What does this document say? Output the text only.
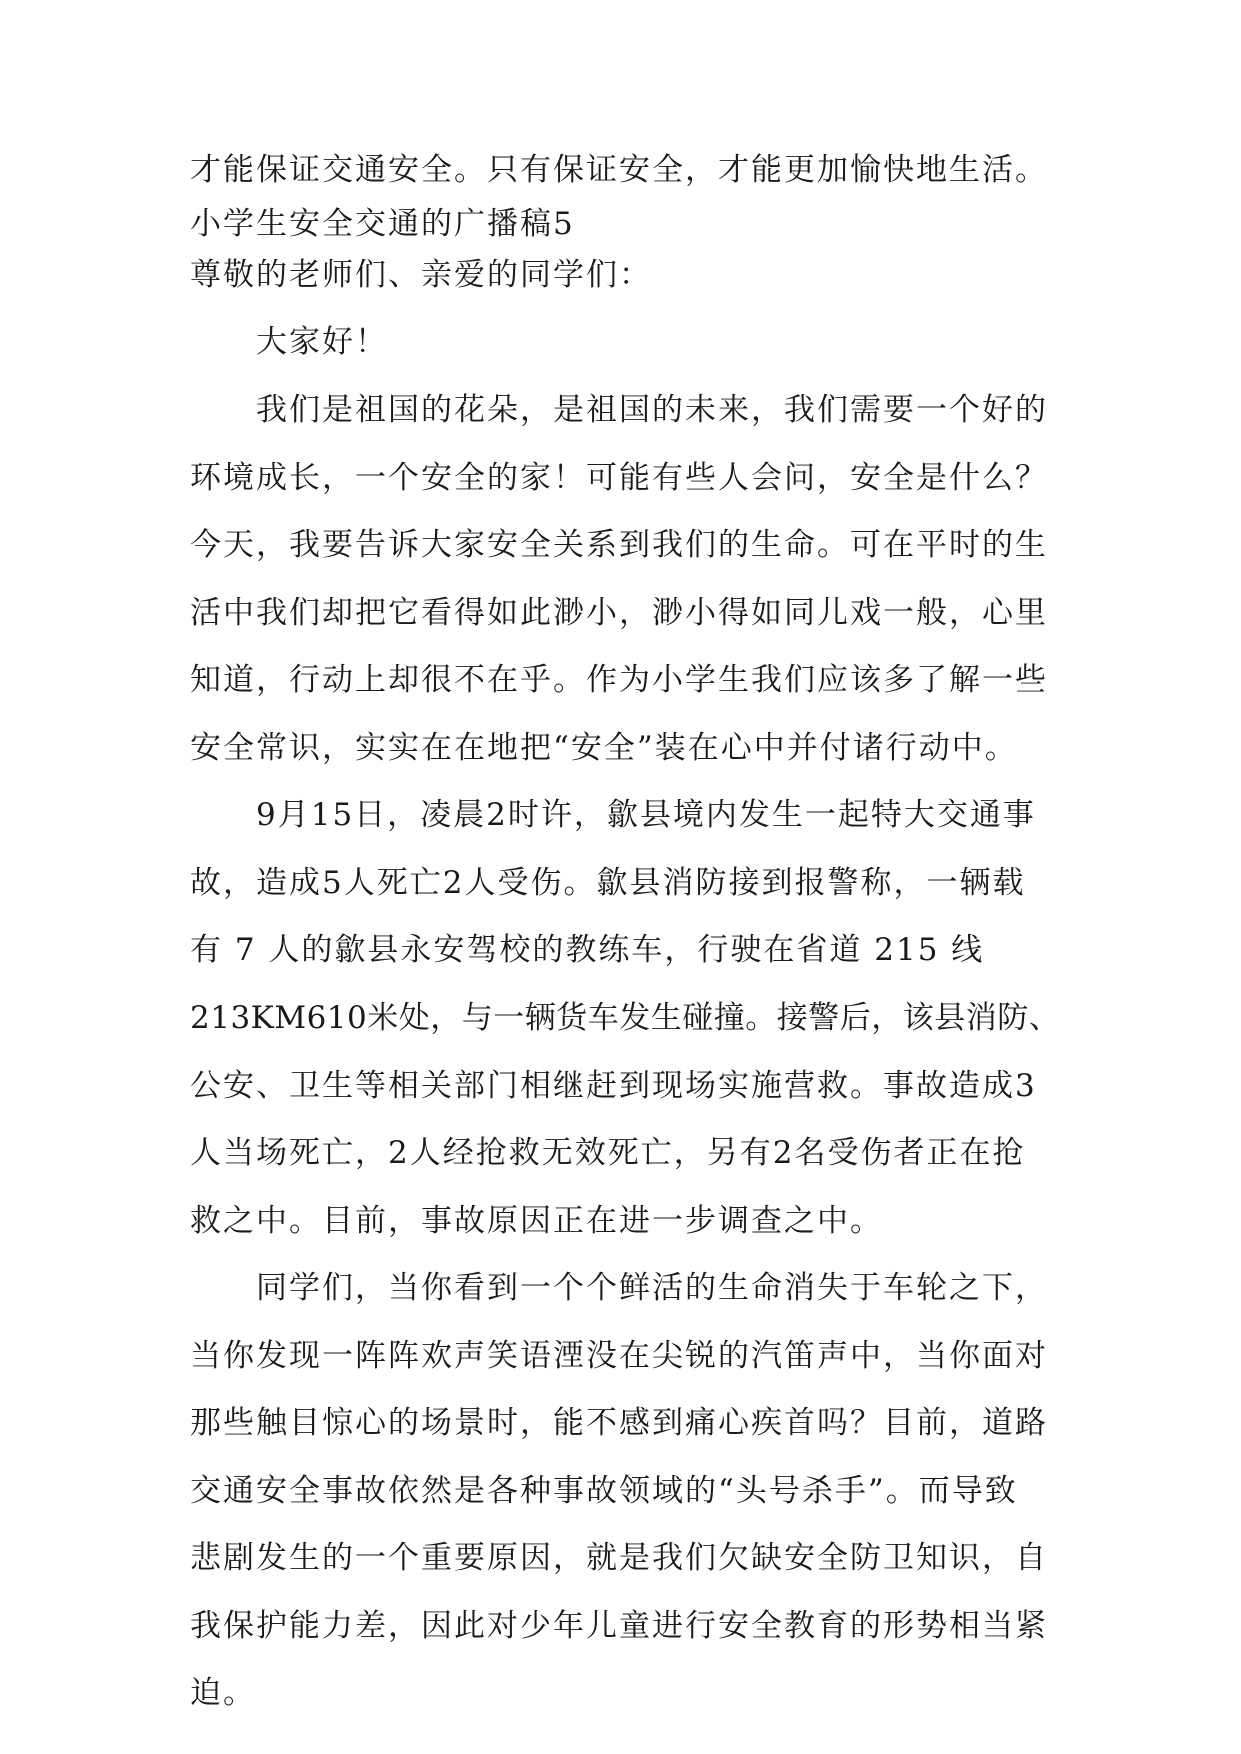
才能保证交通安全。只有保证安全，才能更加愉快地生活。
小学生安全交通的广播稿5
尊敬的老师们、亲爱的同学们：
大家好！
我们是祖国的花朵，是祖国的未来，我们需要一个好的
环境成长，一个安全的家！可能有些人会问，安全是什么？
今天，我要告诉大家安全关系到我们的生命。可在平时的生
活中我们却把它看得如此渺小，渺小得如同儿戏一般，心里
知道，行动上却很不在乎。作为小学生我们应该多了解一些
安全常识，实实在在地把“安全”装在心中并付诸行动中。
9月15日，凌晨2时许，歙县境内发生一起特大交通事
故，造成5人死亡2人受伤。歙县消防接到报警称，一辆载
有 7 人的歙县永安驾校的教练车，行驶在省道 215 线
213KM610米处，与一辆货车发生碰撞。接警后，该县消防、
公安、卫生等相关部门相继赶到现场实施营救。事故造成3
人当场死亡，2人经抢救无效死亡，另有2名受伤者正在抢
救之中。目前，事故原因正在进一步调查之中。
同学们，当你看到一个个鲜活的生命消失于车轮之下，
当你发现一阵阵欢声笑语湮没在尖锐的汽笛声中，当你面对
那些触目惊心的场景时，能不感到痛心疾首吗？目前，道路
交通安全事故依然是各种事故领域的“头号杀手”。而导致
悲剧发生的一个重要原因，就是我们欠缺安全防卫知识，自
我保护能力差，因此对少年儿童进行安全教育的形势相当紧
迫。
